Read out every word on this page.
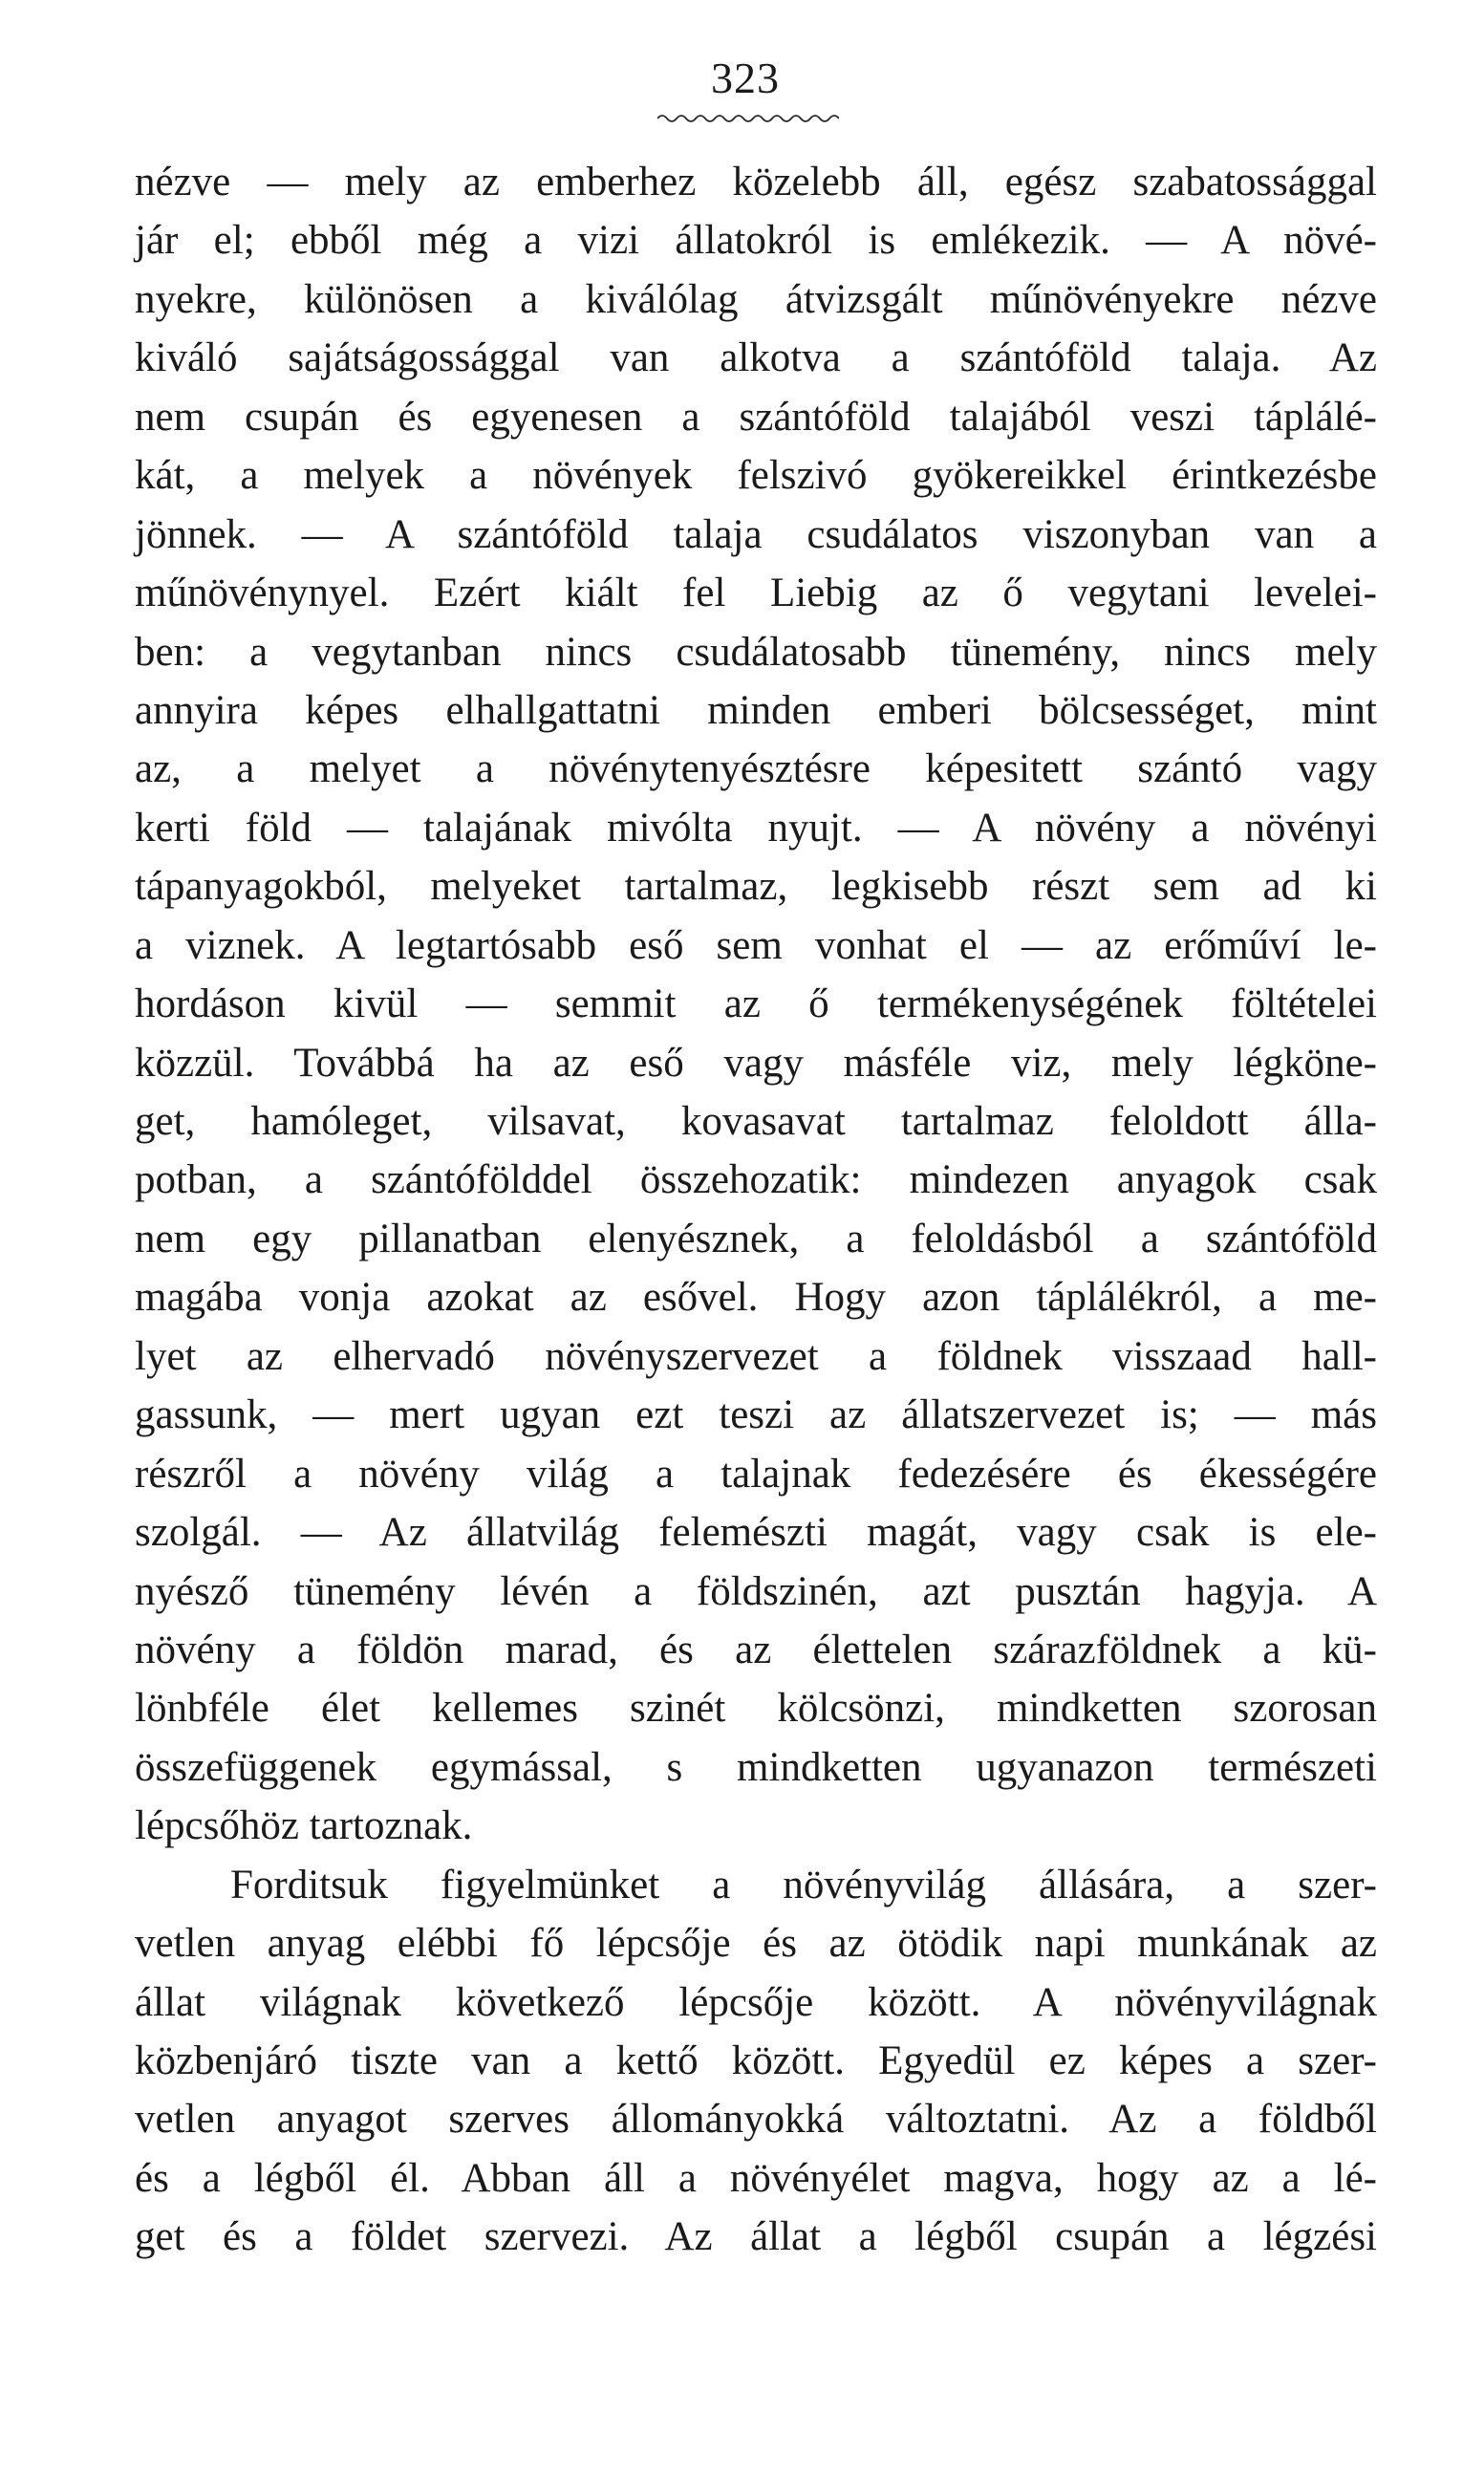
323
nézve — mely az emberhez közelebb áll, egész szabatossággal
jár el; ebből még a vizi állatokról is emlékezik. — A növé-
nyekre, különösen a kiválólag átvizsgált műnövényekre nézve
kiváló sajátságossággal van alkotva a szántóföld talaja. Az
nem csupán és egyenesen a szántóföld talajából veszi táplálé-
kát, a melyek a növények felszivó gyökereikkel érintkezésbe
jönnek. — A szántóföld talaja csudálatos viszonyban van a
műnövénynyel. Ezért kiált fel Liebig az ő vegytani levelei-
ben: a vegytanban nincs csudálatosabb tünemény, nincs mely
annyira képes elhallgattatni minden emberi bölcsességet, mint
az, a melyet a növénytenyésztésre képesitett szántó vagy
kerti föld — talajának mivólta nyujt. — A növény a növényi
tápanyagokból, melyeket tartalmaz, legkisebb részt sem ad ki
a viznek. A legtartósabb eső sem vonhat el — az erőműví le-
hordáson kivül — semmit az ő termékenységének föltételei
közzül. Továbbá ha az eső vagy másféle viz, mely légköne-
get, hamóleget, vilsavat, kovasavat tartalmaz feloldott álla-
potban, a szántófölddel összehozatik: mindezen anyagok csak
nem egy pillanatban elenyésznek, a feloldásból a szántóföld
magába vonja azokat az esővel. Hogy azon táplálékról, a me-
lyet az elhervadó növényszervezet a földnek visszaad hall-
gassunk, — mert ugyan ezt teszi az állatszervezet is; — más
részről a növény világ a talajnak fedezésére és ékességére
szolgál. — Az állatvilág felemészti magát, vagy csak is ele-
nyésző tünemény lévén a földszinén, azt pusztán hagyja. A
növény a földön marad, és az élettelen szárazföldnek a kü-
lönbféle élet kellemes szinét kölcsönzi, mindketten szorosan
összefüggenek egymással, s mindketten ugyanazon természeti
lépcsőhöz tartoznak.
Forditsuk figyelmünket a növényvilág állására, a szer-
vetlen anyag elébbi fő lépcsője és az ötödik napi munkának az
állat világnak következő lépcsője között. A növényvilágnak
közbenjáró tiszte van a kettő között. Egyedül ez képes a szer-
vetlen anyagot szerves állományokká változtatni. Az a földből
és a légből él. Abban áll a növényélet magva, hogy az a lé-
get és a földet szervezi. Az állat a légből csupán a légzési
